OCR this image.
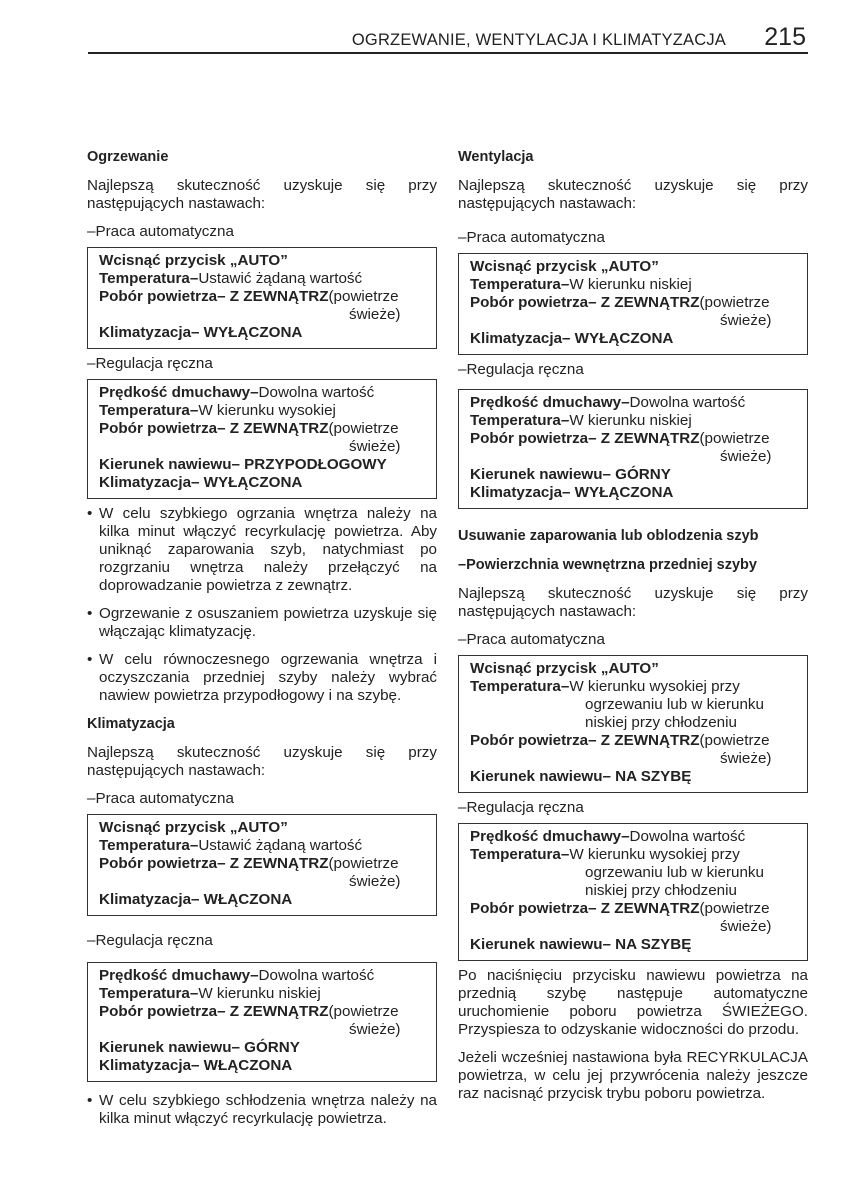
OGRZEWANIE, WENTYLACJA I KLIMATYZACJA 215
Ogrzewanie
Najlepszą skuteczność uzyskuje się przy następujących nastawach:
–Praca automatyczna
Wcisnąć przycisk „AUTO”
Temperatura– Ustawić żądaną wartość
Pobór powietrza– Z ZEWNĄTRZ (powietrze
świeże)
Klimatyzacja– WYŁĄCZONA
–Regulacja ręczna
Prędkość dmuchawy– Dowolna wartość
Temperatura– W kierunku wysokiej
Pobór powietrza– Z ZEWNĄTRZ (powietrze
świeże)
Kierunek nawiewu– PRZYPODŁOGOWY
Klimatyzacja– WYŁĄCZONA
• W celu szybkiego ogrzania wnętrza należy na kilka minut włączyć recyrkulację powietrza. Aby uniknąć zaparowania szyb, natychmiast po rozgrzaniu wnętrza należy przełączyć na doprowadzanie powietrza z zewnątrz.
• Ogrzewanie z osuszaniem powietrza uzyskuje się włączając klimatyzację.
• W celu równoczesnego ogrzewania wnętrza i oczyszczania przedniej szyby należy wybrać nawiew powietrza przypodłogowy i na szybę.
Klimatyzacja
Najlepszą skuteczność uzyskuje się przy następujących nastawach:
–Praca automatyczna
Wcisnąć przycisk „AUTO”
Temperatura– Ustawić żądaną wartość
Pobór powietrza– Z ZEWNĄTRZ (powietrze
świeże)
Klimatyzacja– WŁĄCZONA
–Regulacja ręczna
Prędkość dmuchawy– Dowolna wartość
Temperatura– W kierunku niskiej
Pobór powietrza– Z ZEWNĄTRZ (powietrze
świeże)
Kierunek nawiewu– GÓRNY
Klimatyzacja– WŁĄCZONA
• W celu szybkiego schłodzenia wnętrza należy na kilka minut włączyć recyrkulację powietrza.
Wentylacja
Najlepszą skuteczność uzyskuje się przy następujących nastawach:
–Praca automatyczna
Wcisnąć przycisk „AUTO”
Temperatura– W kierunku niskiej
Pobór powietrza– Z ZEWNĄTRZ (powietrze
świeże)
Klimatyzacja– WYŁĄCZONA
–Regulacja ręczna
Prędkość dmuchawy– Dowolna wartość
Temperatura– W kierunku niskiej
Pobór powietrza– Z ZEWNĄTRZ (powietrze
świeże)
Kierunek nawiewu– GÓRNY
Klimatyzacja– WYŁĄCZONA
Usuwanie zaparowania lub oblodzenia szyb
–Powierzchnia wewnętrzna przedniej szyby
Najlepszą skuteczność uzyskuje się przy następujących nastawach:
–Praca automatyczna
Wcisnąć przycisk „AUTO”
Temperatura– W kierunku wysokiej przy
ogrzewaniu lub w kierunku
niskiej przy chłodzeniu
Pobór powietrza– Z ZEWNĄTRZ (powietrze
świeże)
Kierunek nawiewu– NA SZYBĘ
–Regulacja ręczna
Prędkość dmuchawy– Dowolna wartość
Temperatura– W kierunku wysokiej przy
ogrzewaniu lub w kierunku
niskiej przy chłodzeniu
Pobór powietrza– Z ZEWNĄTRZ (powietrze
świeże)
Kierunek nawiewu– NA SZYBĘ
Po naciśnięciu przycisku nawiewu powietrza na przednią szybę następuje automatyczne uruchomienie poboru powietrza ŚWIEŻEGO. Przyspiesza to odzyskanie widoczności do przodu.
Jeżeli wcześniej nastawiona była RECYRKULACJA powietrza, w celu jej przywrócenia należy jeszcze raz nacisnąć przycisk trybu poboru powietrza.
